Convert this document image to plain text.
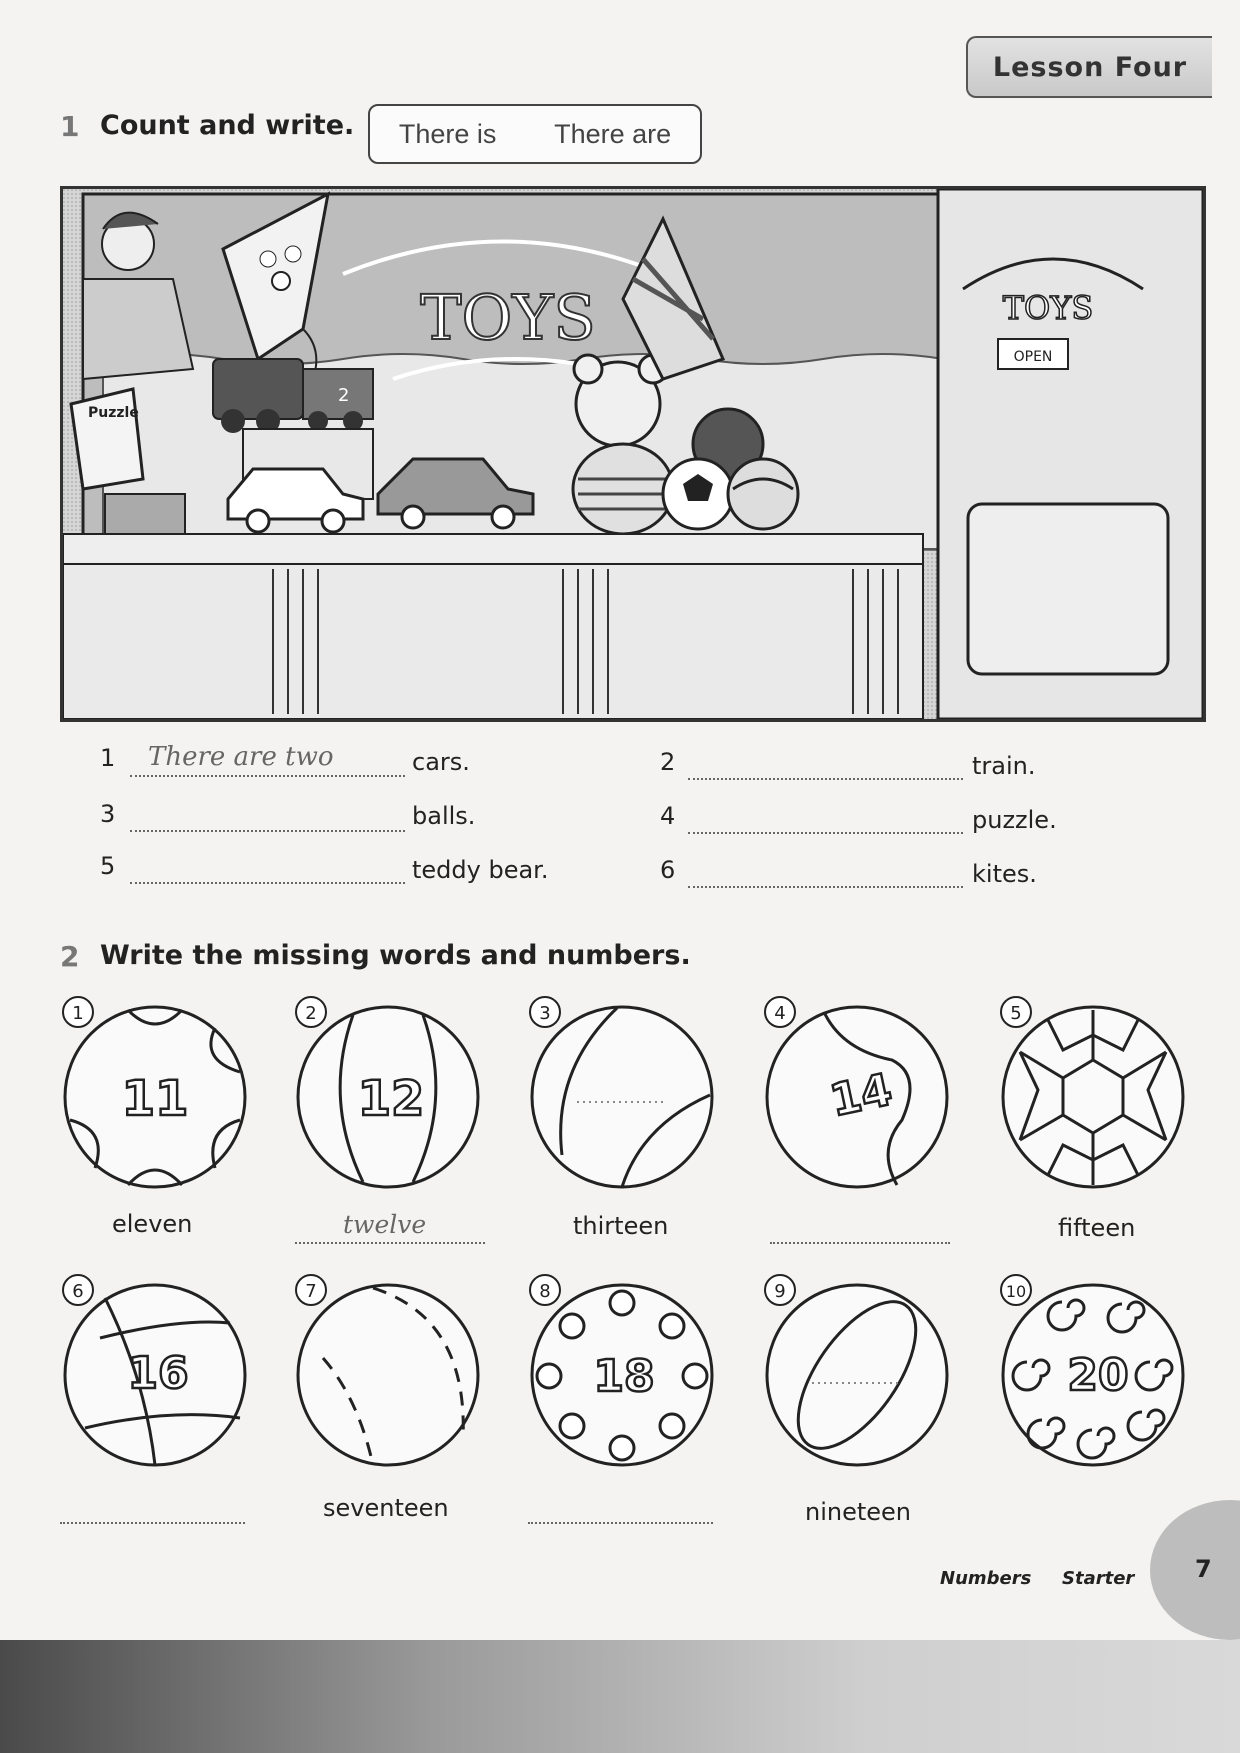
Lesson Four
1 Count and write. There is There are
TOYS
Puzzle
2
TOYS
OPEN
1 There are two	cars.	2	train.
3	balls.	4	puzzle.
5	teddy bear.	6	kites.
2 Write the missing words and numbers.
1
11
eleven
2
12
twelve
3
thirteen
4
14
5
fifteen
6
16
7
seventeen
8
18
9
nineteen
10
20
Numbers Starter	7
